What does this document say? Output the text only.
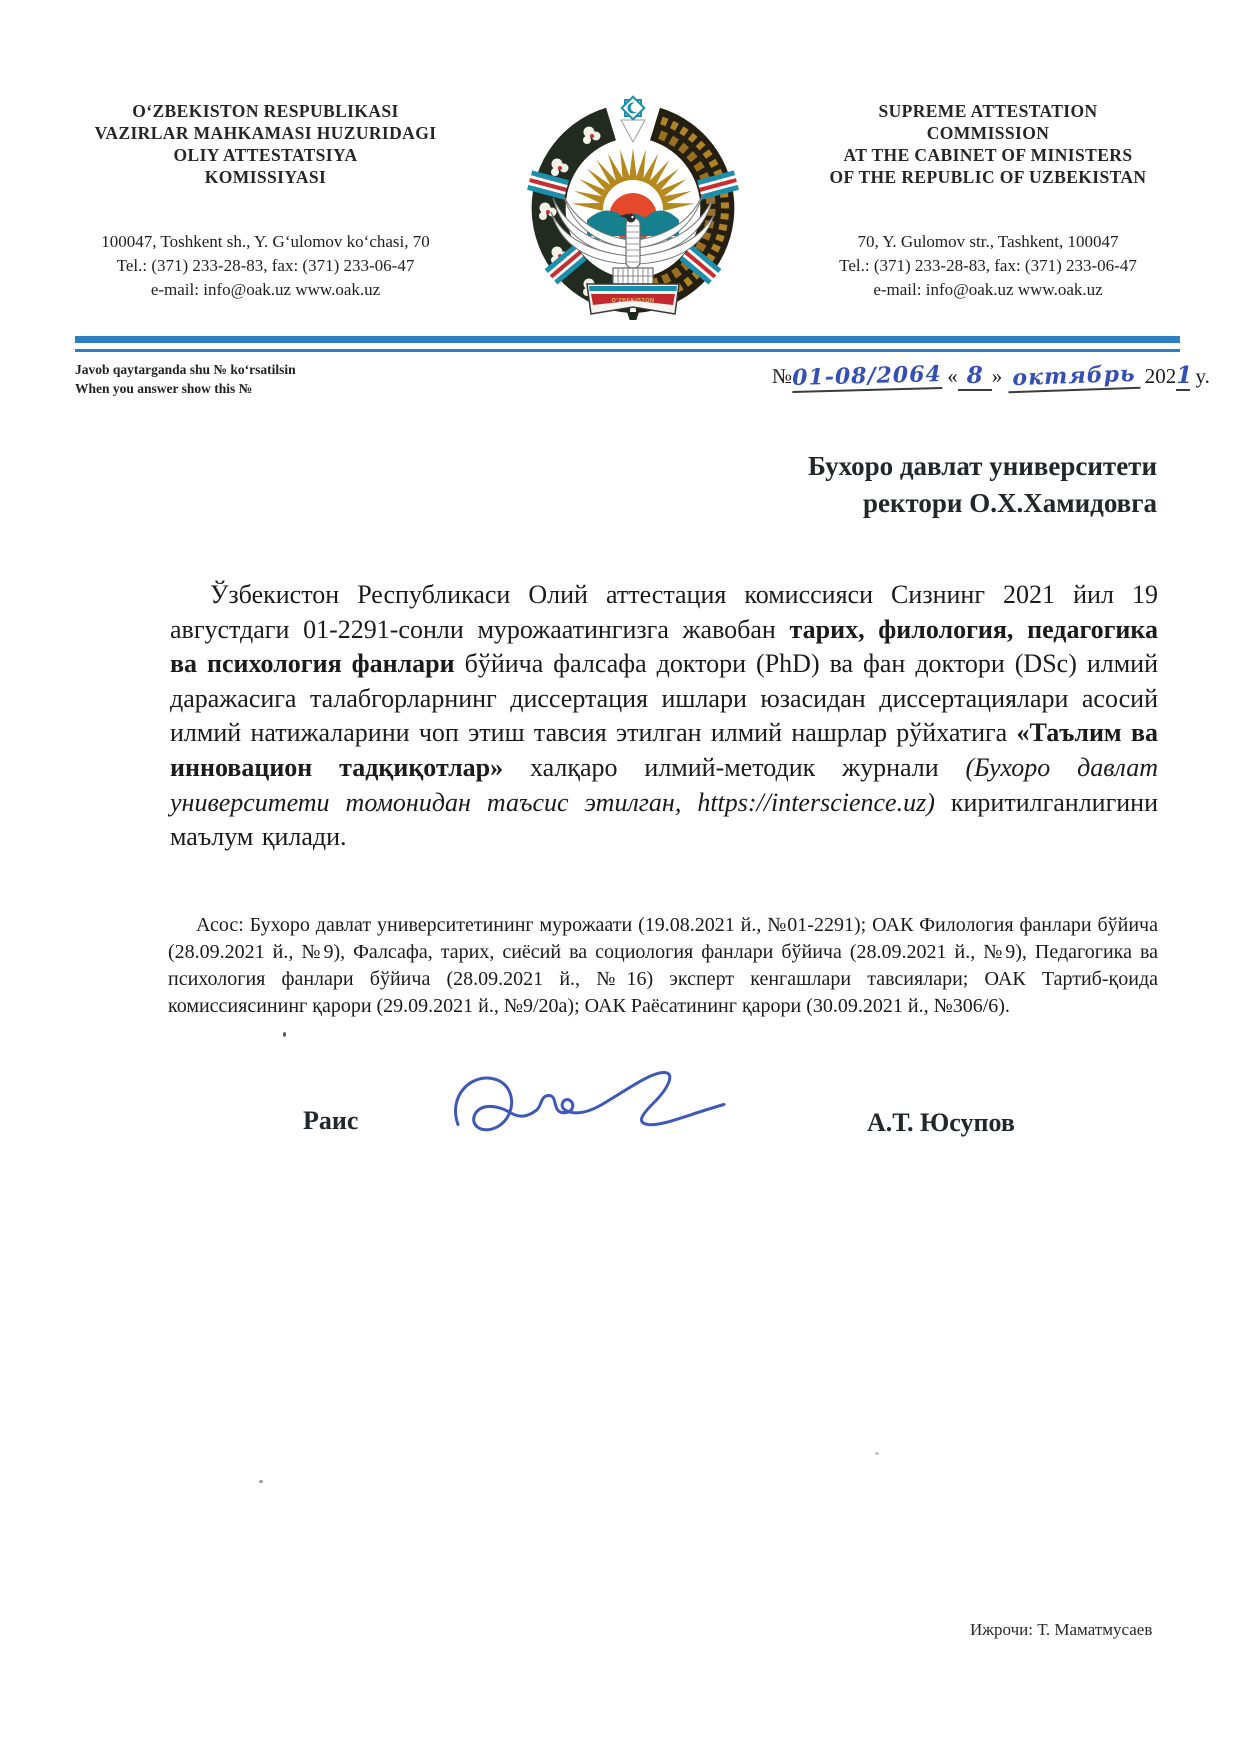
O‘ZBEKISTON RESPUBLIKASI
VAZIRLAR MAHKAMASI HUZURIDAGI
OLIY ATTESTATSIYA
KOMISSIYASI
100047, Toshkent sh., Y. G‘ulomov ko‘chasi, 70
Tel.: (371) 233-28-83, fax: (371) 233-06-47
e-mail: info@oak.uz www.oak.uz
O‘ZBEKISTON
SUPREME ATTESTATION
COMMISSION
AT THE CABINET OF MINISTERS
OF THE REPUBLIC OF UZBEKISTAN
70, Y. Gulomov str., Tashkent, 100047
Tel.: (371) 233-28-83, fax: (371) 233-06-47
e-mail: info@oak.uz www.oak.uz
Javob qaytarganda shu № ko‘rsatilsin
When you answer show this №
№01-08/2064 « 8 » октябрь 2021 y.
Бухоро давлат университети
ректори О.Х.Хамидовга
Ўзбекистон Республикаси Олий аттестация комиссияси Сизнинг 2021 йил 19 августдаги 01-2291-сонли мурожаатингизга жавобан тарих, филология, педагогика ва психология фанлари бўйича фалсафа доктори (PhD) ва фан доктори (DSc) илмий даражасига талабгорларнинг диссертация ишлари юзасидан диссертациялари асосий илмий натижаларини чоп этиш тавсия этилган илмий нашрлар рўйхатига «Таълим ва инновацион тадқиқотлар» халқаро илмий-методик журнали (Бухоро давлат университети томонидан таъсис этилган, https://interscience.uz) киритилганлигини маълум қилади.
Асос: Бухоро давлат университетининг мурожаати (19.08.2021 й., №01-2291); ОАК Филология фанлари бўйича (28.09.2021 й., №9), Фалсафа, тарих, сиёсий ва социология фанлари бўйича (28.09.2021 й., №9), Педагогика ва психология фанлари бўйича (28.09.2021 й., №16) эксперт кенгашлари тавсиялари; ОАК Тартиб-қоида комиссиясининг қарори (29.09.2021 й., №9/20а); ОАК Раёсатининг қарори (30.09.2021 й., №306/6).
Раис	А.Т. Юсупов
Ижрочи: Т. Маматмусаев
